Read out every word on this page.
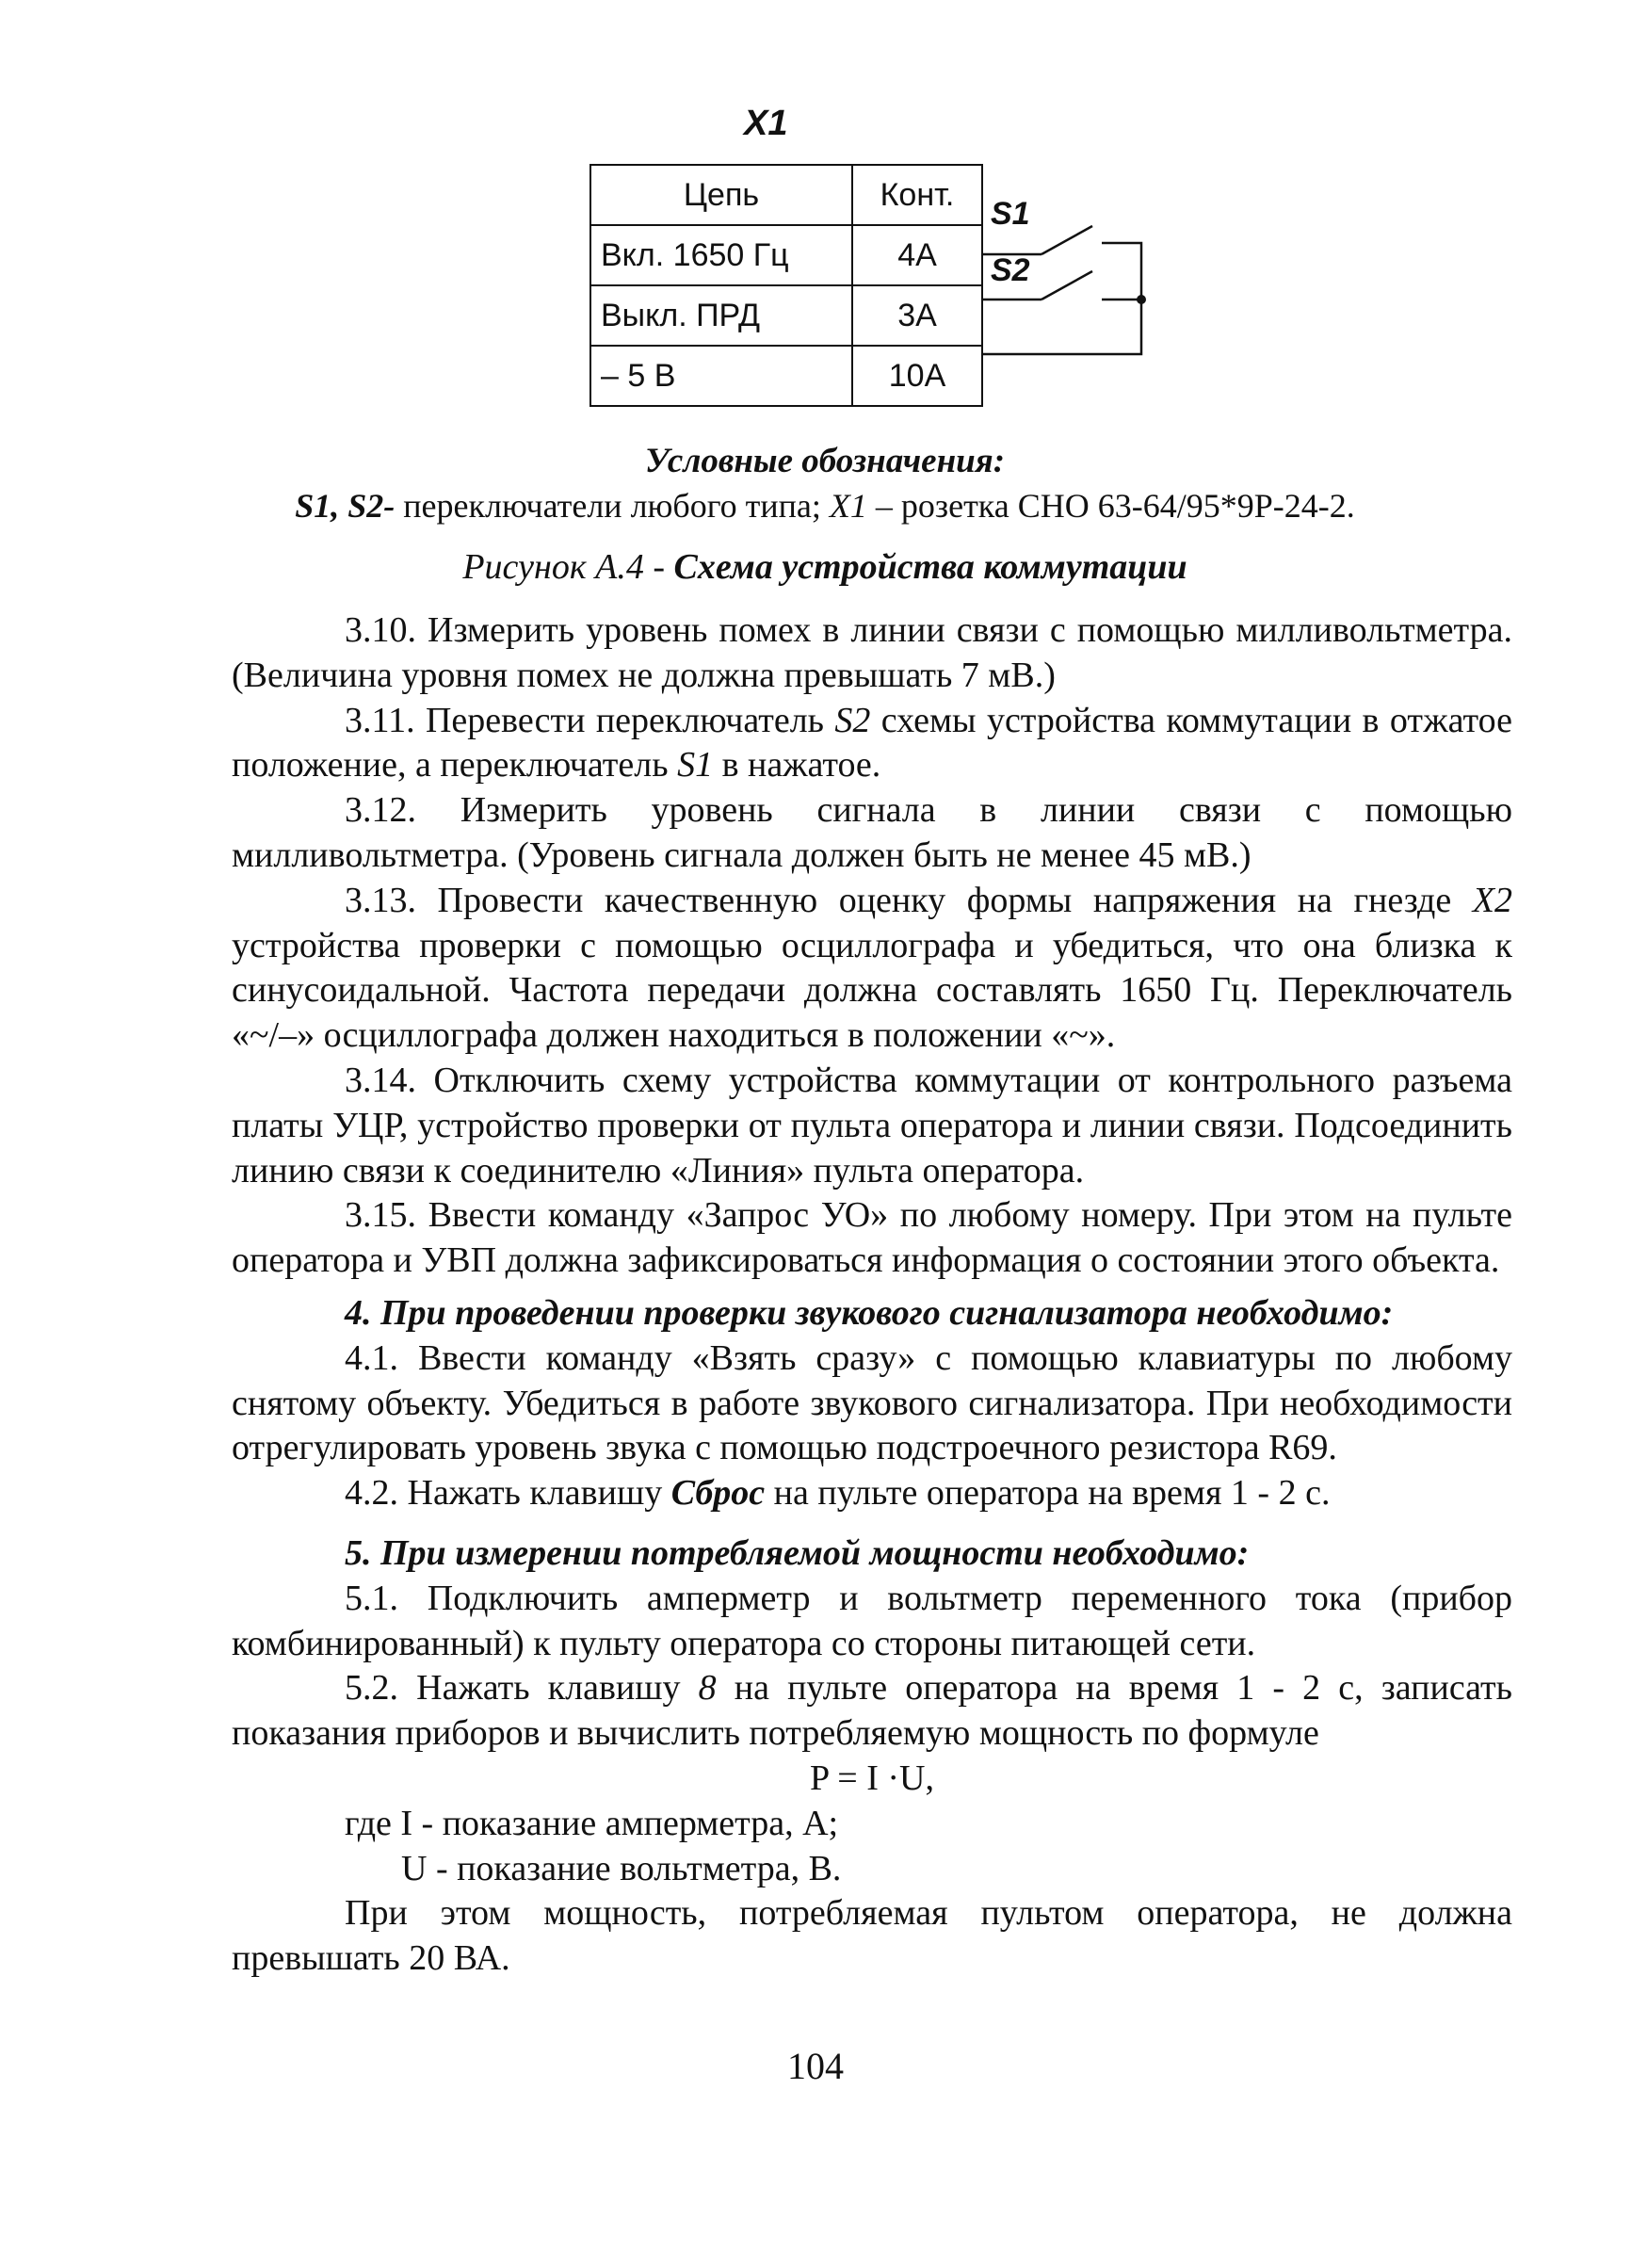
X1
Цепь	Конт.
Вкл. 1650 Гц	4А
Выкл. ПРД	3А
– 5 В	10А
S1
S2
Условные обозначения:
S1, S2- переключатели любого типа; X1 – розетка СНО 63-64/95*9Р-24-2.
Рисунок А.4 - Схема устройства коммутации

3.10. Измерить уровень помех в линии связи с помощью милливольтметра. (Величина уровня помех не должна превышать 7 мВ.)

3.11. Перевести переключатель S2 схемы устройства коммутации в отжатое положение, а переключатель S1 в нажатое.

3.12. Измерить уровень сигнала в линии связи с помощью милливольтметра. (Уровень сигнала должен быть не менее 45 мВ.)

3.13. Провести качественную оценку формы напряжения на гнезде X2 устройства проверки с помощью осциллографа и убедиться, что она близка к синусоидальной. Частота передачи должна составлять 1650 Гц. Переключатель «~/–» осциллографа должен находиться в положении «~».

3.14. Отключить схему устройства коммутации от контрольного разъема платы УЦР, устройство проверки от пульта оператора и линии связи. Подсоединить линию связи к соединителю «Линия» пульта оператора.

3.15. Ввести команду «Запрос УО» по любому номеру. При этом на пульте оператора и УВП должна зафиксироваться информация о состоянии этого объекта.

4. При проведении проверки звукового сигнализатора необходимо:

4.1. Ввести команду «Взять сразу» с помощью клавиатуры по любому снятому объекту. Убедиться в работе звукового сигнализатора. При необходимости отрегулировать уровень звука с помощью подстроечного резистора R69.

4.2. Нажать клавишу Сброс на пульте оператора на время 1 - 2 с.

5. При измерении потребляемой мощности необходимо:

5.1. Подключить амперметр и вольтметр переменного тока (прибор комбинированный) к пульту оператора со стороны питающей сети.

5.2. Нажать клавишу 8 на пульте оператора на время 1 - 2 с, записать показания приборов и вычислить потребляемую мощность по формуле

P = I ·U,

где I - показание амперметра, А;

U - показание вольтметра, В.

При этом мощность, потребляемая пультом оператора, не должна превышать 20 ВА.

104
